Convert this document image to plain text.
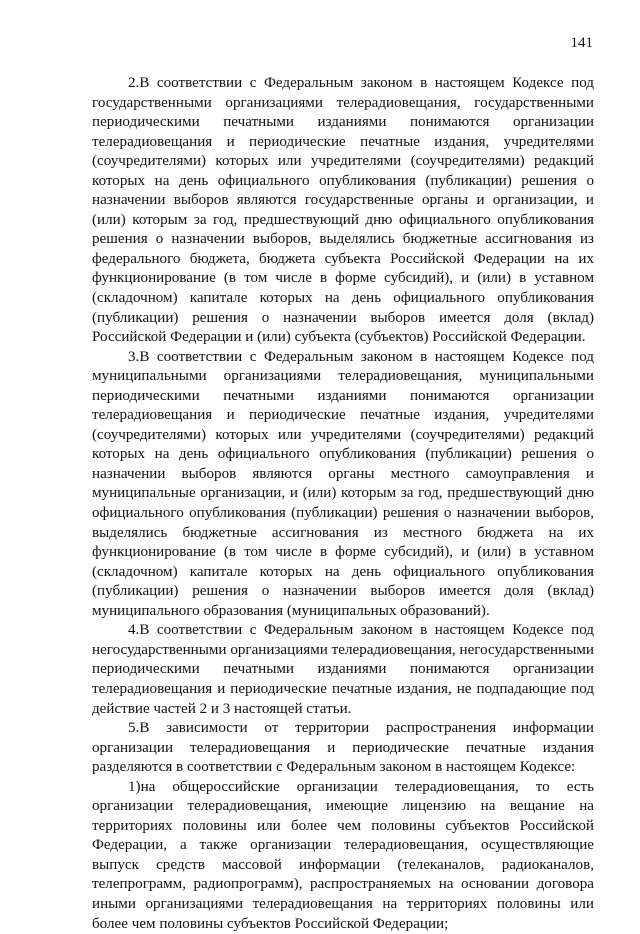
141

2.В соответствии с Федеральным законом в настоящем Кодексе под государственными организациями телерадиовещания, государственными периодическими печатными изданиями понимаются организации телерадиовещания и периодические печатные издания, учредителями (соучредителями) которых или учредителями (соучредителями) редакций которых на день официального опубликования (публикации) решения о назначении выборов являются государственные органы и организации, и (или) которым за год, предшествующий дню официального опубликования решения о назначении выборов, выделялись бюджетные ассигнования из федерального бюджета, бюджета субъекта Российской Федерации на их функционирование (в том числе в форме субсидий), и (или) в уставном (складочном) капитале которых на день официального опубликования (публикации) решения о назначении выборов имеется доля (вклад) Российской Федерации и (или) субъекта (субъектов) Российской Федерации.

3.В соответствии с Федеральным законом в настоящем Кодексе под муниципальными организациями телерадиовещания, муниципальными периодическими печатными изданиями понимаются организации телерадиовещания и периодические печатные издания, учредителями (соучредителями) которых или учредителями (соучредителями) редакций которых на день официального опубликования (публикации) решения о назначении выборов являются органы местного самоуправления и муниципальные организации, и (или) которым за год, предшествующий дню официального опубликования (публикации) решения о назначении выборов, выделялись бюджетные ассигнования из местного бюджета на их функционирование (в том числе в форме субсидий), и (или) в уставном (складочном) капитале которых на день официального опубликования (публикации) решения о назначении выборов имеется доля (вклад) муниципального образования (муниципальных образований).

4.В соответствии с Федеральным законом в настоящем Кодексе под негосударственными организациями телерадиовещания, негосударственными периодическими печатными изданиями понимаются организации телерадиовещания и периодические печатные издания, не подпадающие под действие частей 2 и 3 настоящей статьи.

5.В зависимости от территории распространения информации организации телерадиовещания и периодические печатные издания разделяются в соответствии с Федеральным законом в настоящем Кодексе:

1)на общероссийские организации телерадиовещания, то есть организации телерадиовещания, имеющие лицензию на вещание на территориях половины или более чем половины субъектов Российской Федерации, а также организации телерадиовещания, осуществляющие выпуск средств массовой информации (телеканалов, радиоканалов, телепрограмм, радиопрограмм), распространяемых на основании договора иными организациями телерадиовещания на территориях половины или более чем половины субъектов Российской Федерации;
